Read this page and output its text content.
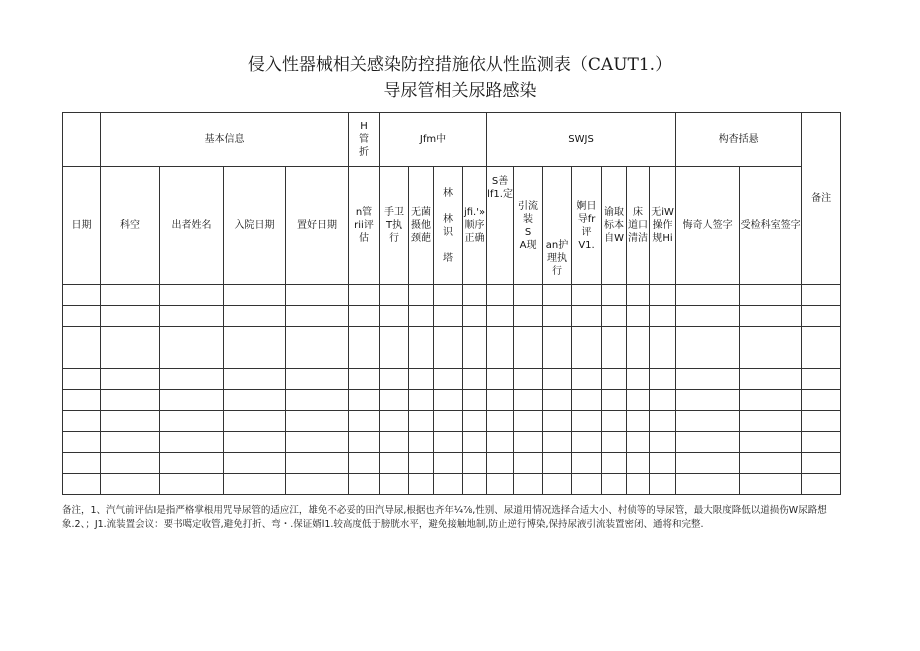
侵入性器械相关感染防控措施依从性监测表（CAUT1.）
导尿管相关尿路感染
	基本信息				H
管
折	Jfm中				SWJS							构杳括悬		备注
日期	科空	出者姓名	入院日期	置好日期	n管
rii评
估	手卫
T执
行	无菌
摄他
颈葩	林

林
识

塔	jfi.'»
顺序
正确	S善
lf1.定	引流
装
S
A现	an护
理执行	婀日
导fr
评
V1.	谕取
标本
自W	床
道口
清洁	无iW
操作
规Hi	悔奇人签字	受检科室签字	

备注，1、汽气前评估I是指严格掌根用咒导尿管的适应江，雄免不必妥的田汽导尿,根据也齐年¼⅞,性别、尿道用情况选择合适大小、村侦等的导尿管，最大限度降低以道损伤W尿路想象.2、；J1.流装置会议：要书噶定收管,避免打折、弯・.保证婿l1.较高度低于膀胱水平，避免接触地制,防止逆行博染,保持尿液引流装置密闭、通将和完整.
